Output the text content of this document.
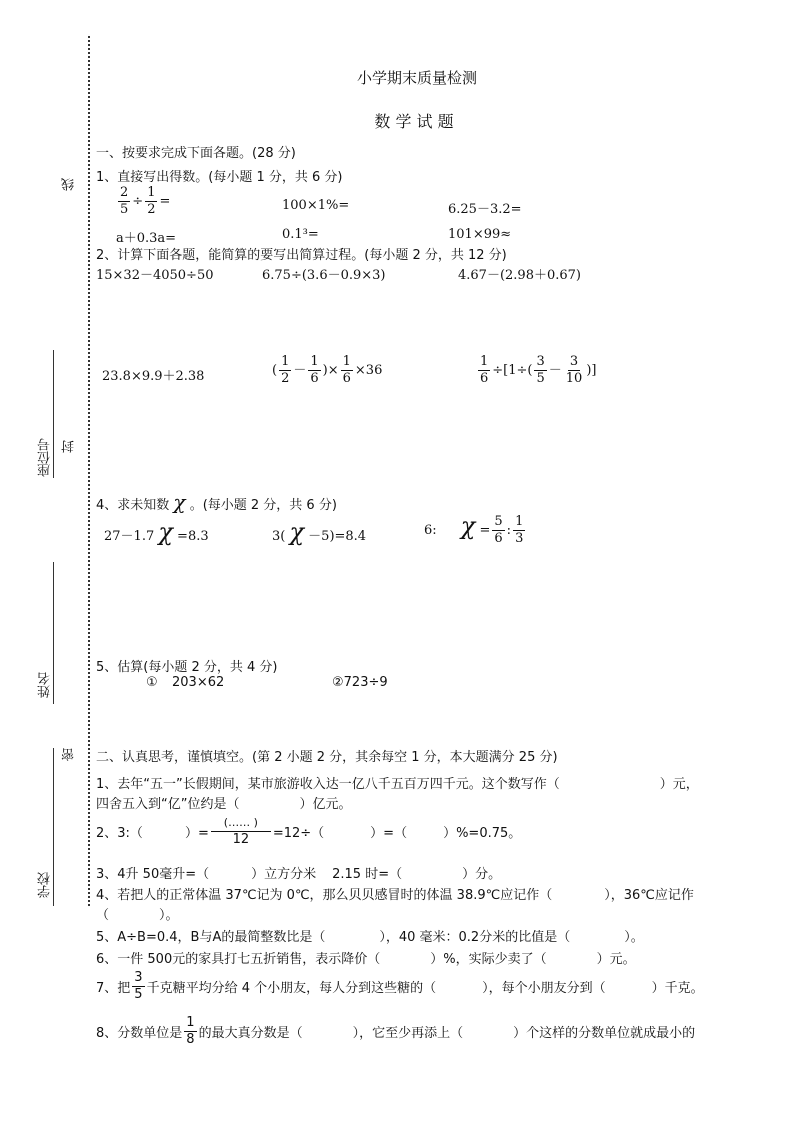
线
封
密
座位号
姓名
学校
小学期末质量检测
数 学 试 题
一、按要求完成下面各题。(28 分)
1、直接写出得数。(每小题 1 分，共 6 分)
$\frac{2}{5} \div \frac{1}{2}$ =	100×1%=	6.25－3.2=
a＋0.3a=	0.1³=	101×99≈
2、计算下面各题，能简算的要写出简算过程。(每小题 2 分，共 12 分)
15×32－4050÷50	6.75÷(3.6－0.9×3)	4.67－(2.98＋0.67)
23.8×9.9＋2.38	( $\frac{1}{2} - \frac{1}{6}$ )× $\frac{1}{6} \times 36$	$\frac{1}{6} \div[1\div( \frac{3}{5} - \frac{3}{10}$ )]
4、求未知数 χ 。(每小题 2 分，共 6 分)
27－1.7 χ =8.3	3( χ －5)=8.4	6: $\chi = \frac{5}{6}$ : $\frac{1}{3}$
5、估算(每小题 2 分，共 4 分)
① 203×62	②723÷9
二、认真思考，谨慎填空。(第 2 小题 2 分，其余每空 1 分，本大题满分 25 分)
1、去年“五一”长假期间，某市旅游收入达一亿八千五百万四千元。这个数写作（	）元，
四舍五入到“亿”位约是（	）亿元。
2、3:（	）= $\frac{(\dots\dots )}{12} =12\div$（	）=（	）%=0.75。
3、4升 50毫升=（	）立方分米 2.15 时=（	）分。
4、若把人的正常体温 37℃记为 0℃，那么贝贝感冒时的体温 38.9℃应记作（	），36℃应记作
（	）。
5、A÷B=0.4，B与A的最简整数比是（	），40 毫米：0.2分米的比值是（	）。
6、一件 500元的家具打七五折销售，表示降价（	）%，实际少卖了（	）元。
7、把 $\frac{3}{5}$ 千克糖平均分给 4 个小朋友，每人分到这些糖的（	），每个小朋友分到（	）千克。
8、分数单位是 $\frac{1}{8}$ 的最大真分数是（	），它至少再添上（	）个这样的分数单位就成最小的
